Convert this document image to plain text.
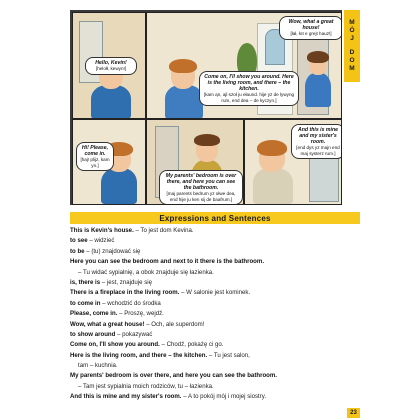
Hello, Kevin!
[helołł, kewyn!]
Wow, what a great house!
[łał, łot e grejt hauz!]
Come on, I'll show you around. Here is the living room, and there – the kitchen.
[kam ąn, ajl szoł ju ełaund. hije yz de lywyng rum, end dea – de kyczyn.]
Hi! Please, come in.
[haj! plijz, kam yn.]
My parents' bedroom is over there, and here you can see the bathroom.
[maj parents bedrum yz ołwe dea, end hije ju ken sij de baafrum.]
And this is mine and my sister's room.
[end dys yz majn end maj systerz rum.]
M
Ó
J
D
O
M
Expressions and Sentences
This is Kevin's house. – To jest dom Kevina.
to see – widzieć
to be – (tu) znajdować się
Here you can see the bedroom and next to it there is the bathroom.
– Tu widać sypialnię, a obok znajduje się łazienka.
is, there is – jest, znajduje się
There is a fireplace in the living room. – W salonie jest kominek.
to come in – wchodzić do środka
Please, come in. – Proszę, wejdź.
Wow, what a great house! – Och, ale superdom!
to show around – pokazywać
Come on, I'll show you around. – Chodź, pokażę ci go.
Here is the living room, and there – the kitchen. – Tu jest salon,
tam – kuchnia.
My parents' bedroom is over there, and here you can see the bathroom.
– Tam jest sypialnia moich rodziców, tu – łazienka.
And this is mine and my sister's room. – A to pokój mój i mojej siostry.
23
